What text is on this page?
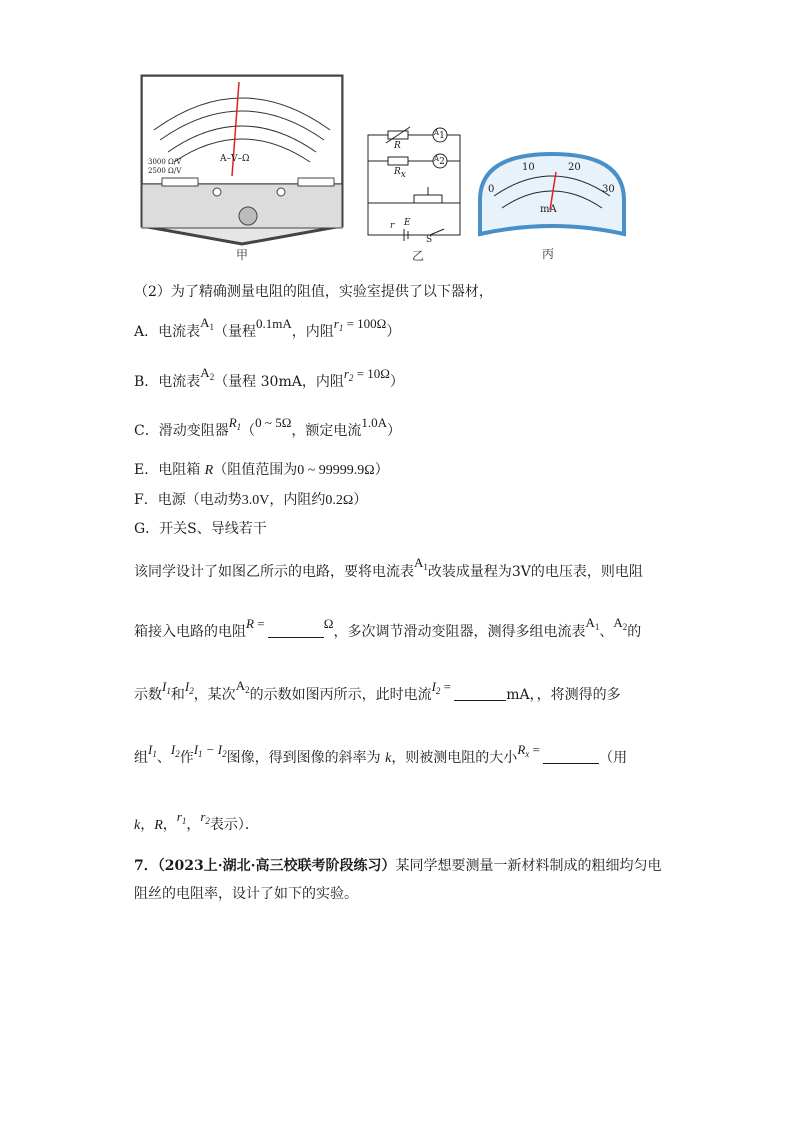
A–V–Ω
3000 Ω/V
2500 Ω/V
甲
R
Rx
A1
A2
r E
S
乙
0
10	20
30
mA
丙
（2）为了精确测量电阻的阻值，实验室提供了以下器材，
A．电流表$A_1$（量程0.1mA，内阻$r_1 = 100\Omega$）
B．电流表$A_2$（量程 30mA，内阻$r_2 = 10\Omega$）
C．滑动变阻器$R_1(0$ ~ 5Ω，额定电流1.0A）
E．电阻箱 R（阻值范围为0 ~ 99999.9Ω）
F．电源（电动势3.0V，内阻约0.2Ω）
G．开关S、导线若干
该同学设计了如图乙所示的电路，要将电流表$A_1$改装成量程为3V的电压表，则电阻
箱接入电路的电阻R =	Ω，多次调节滑动变阻器，测得多组电流表$A_1$、$A_2$的
示数$I_1$和$I_2$，某次$A_2$的示数如图丙所示，此时电流$I_2$ = mA，，将测得的多
组$I_1$、$I_2$作$I_1 - I_2$图像，得到图像的斜率为 k，则被测电阻的大小$R_x$ = （用
k，R，$r_1$，$r_2$表示）．
7．（2023上·湖北·高三校联考阶段练习）某同学想要测量一新材料制成的粗细均匀电
阻丝的电阻率，设计了如下的实验。
